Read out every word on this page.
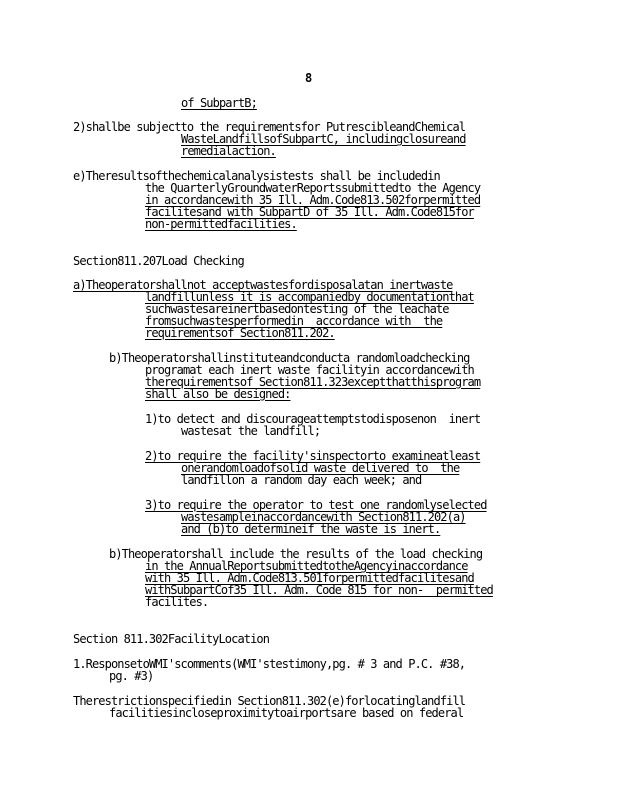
8
of SubpartB;
2)shallbe subjectto the requirementsfor PutrescibleandChemical
WasteLandfillsofSubpartC, includingclosureand
remedialaction.
e)Theresultsofthechemicalanalysistests shall be includedin
the QuarterlyGroundwaterReportssubmittedto the Agency
in accordancewith 35 Ill. Adm.Code813.502forpermitted
facilitesand with SubpartD of 35 Ill. Adm.Code815for
non-permittedfacilities.
Section811.207Load Checking
a)Theoperatorshallnot acceptwastesfordisposalatan inertwaste
landfillunless it is accompaniedby documentationthat
suchwastesareinertbasedontesting of the leachate
fromsuchwastesperformedin  accordance with  the
requirementsof Section811.202.
b)Theoperatorshallinstituteandconducta randomloadchecking
programat each inert waste facilityin accordancewith
therequirementsof Section811.323exceptthatthisprogram
shall also be designed:
1)to detect and discourageattemptstodisposenon  inert
wastesat the landfill;
2)to require the facility'sinspectorto examineatleast
onerandomloadofsolid waste delivered to  the
landfillon a random day each week; and
3)to require the operator to test one randomlyselected
wastesampleinaccordancewith Section811.202(a)
and (b)to determineif the waste is inert.
b)Theoperatorshall include the results of the load checking
in the AnnualReportsubmittedtotheAgencyinaccordance
with 35 Ill. Adm.Code813.501forpermittedfacilitesand
withSubpartCof35 Ill. Adm. Code 815 for non-  permitted
facilites.
Section 811.302FacilityLocation
1.ResponsetoWMI'scomments(WMI'stestimony,pg. # 3 and P.C. #38,
pg. #3)
Therestrictionspecifiedin Section811.302(e)forlocatinglandfill
facilitiesincloseproximitytoairportsare based on federal
